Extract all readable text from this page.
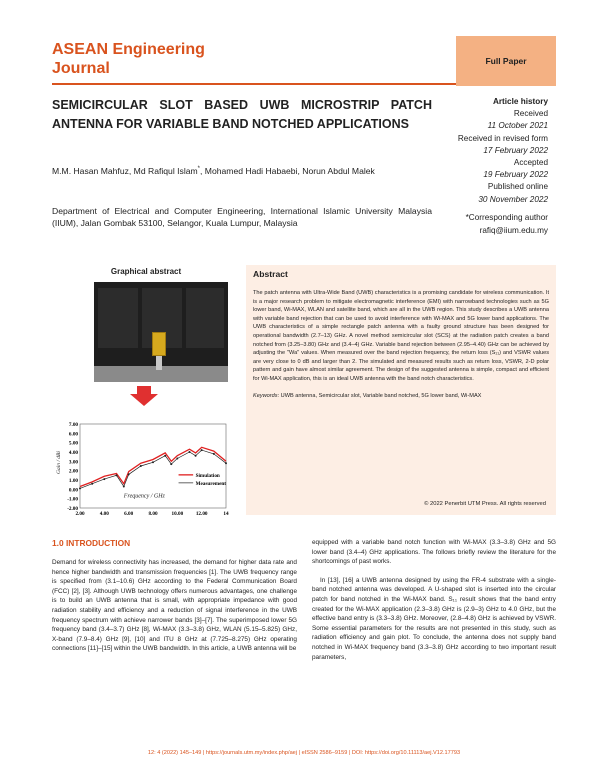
ASEAN Engineering
Journal	Full Paper
SEMICIRCULAR SLOT BASED UWB MICROSTRIP PATCH ANTENNA FOR VARIABLE BAND NOTCHED APPLICATIONS
M.M. Hasan Mahfuz, Md Rafiqul Islam*, Mohamed Hadi Habaebi, Norun Abdul Malek
Department of Electrical and Computer Engineering, International Islamic University Malaysia (IIUM), Jalan Gombak 53100, Selangor, Kuala Lumpur, Malaysia
Article history
Received
11 October 2021
Received in revised form
17 February 2022
Accepted
19 February 2022
Published online
30 November 2022
*Corresponding author
rafiq@iium.edu.my
Graphical abstract
7.00
6.00
5.00
4.00
3.00
2.00
1.00
0.00
-1.00
-2.00
2.00	4.00	6.00	8.00	10.00 12.00	14
Simulation
Measurement
Frequency / GHz
Gain / dBi
Abstract
The patch antenna with Ultra-Wide Band (UWB) characteristics is a promising candidate for wireless communication. It is a major research problem to mitigate electromagnetic interference (EMI) with narrowband technologies such as 5G lower band, Wi-MAX, WLAN and satellite band, which are all in the UWB region. This study describes a UWB antenna with variable band rejection that can be used to avoid interference with Wi-MAX and 5G lower band applications. The UWB characteristics of a simple rectangle patch antenna with a faulty ground structure has been designed for operational bandwidth (2.7–13) GHz. A novel method semicircular slot (SCS) at the radiation patch creates a band notched from (3.25–3.80) GHz and (3.4–4) GHz. Variable band rejection between (2.95–4.40) GHz can be achieved by adjusting the "Wa" values. When measured over the band rejection frequency, the return loss (S₁₁) and VSWR values are very close to 0 dB and larger than 2. The simulated and measured results such as return loss, VSWR, 2-D polar pattern and gain have almost similar agreement. The design of the suggested antenna is simple, compact and efficient for Wi-MAX application, this is an ideal UWB antenna with the band notch characteristics.
Keywords: UWB antenna, Semicircular slot, Variable band notched, 5G lower band, Wi-MAX
© 2022 Penerbit UTM Press. All rights reserved
1.0 INTRODUCTION

Demand for wireless connectivity has increased, the demand for higher data rate and hence higher bandwidth and transmission frequencies [1]. The UWB frequency range is specified from (3.1–10.6) GHz according to the Federal Communication Board (FCC) [2], [3]. Although UWB technology offers numerous advantages, one challenge is to build an UWB antenna that is small, with appropriate impedance with good radiation stability and efficiency and a reduction of signal interference in the UWB frequency spectrum with achieve narrower bands [3]–[7]. The superimposed lower 5G frequency band (3.4–3.7) GHz [8], Wi-MAX (3.3–3.8) GHz, WLAN (5.15–5.825) GHz, X-band (7.9–8.4) GHz [9], [10] and ITU 8 GHz at (7.725–8.275) GHz operating connections [11]–[15] within the UWB bandwidth. In this article, a UWB antenna will be

equipped with a variable band notch function with Wi-MAX (3.3–3.8) GHz and 5G lower band (3.4–4) GHz applications. The follows briefly review the literature for the shortcomings of past works.

In [13], [16] a UWB antenna designed by using the FR-4 substrate with a single-band notched antenna was developed. A U-shaped slot is inserted into the circular patch for band notched in the Wi-MAX band. S₁₁ result shows that the band entry created for the Wi-MAX application (2.3–3.8) GHz is (2.9–3) GHz to 4.0 GHz, but the effective band entry is (3.3–3.8) GHz. Moreover, (2.8–4.8) GHz is achieved by VSWR. Some essential parameters for the results are not presented in this study, such as radiation efficiency and gain plot. To conclude, the antenna does not supply band notched in Wi-MAX frequency band (3.3–3.8) GHz according to two important result parameters,

12: 4 (2022) 145–149 | https://journals.utm.my/index.php/aej | eISSN 2586–9159 | DOI: https://doi.org/10.11113/aej.V12.17793
